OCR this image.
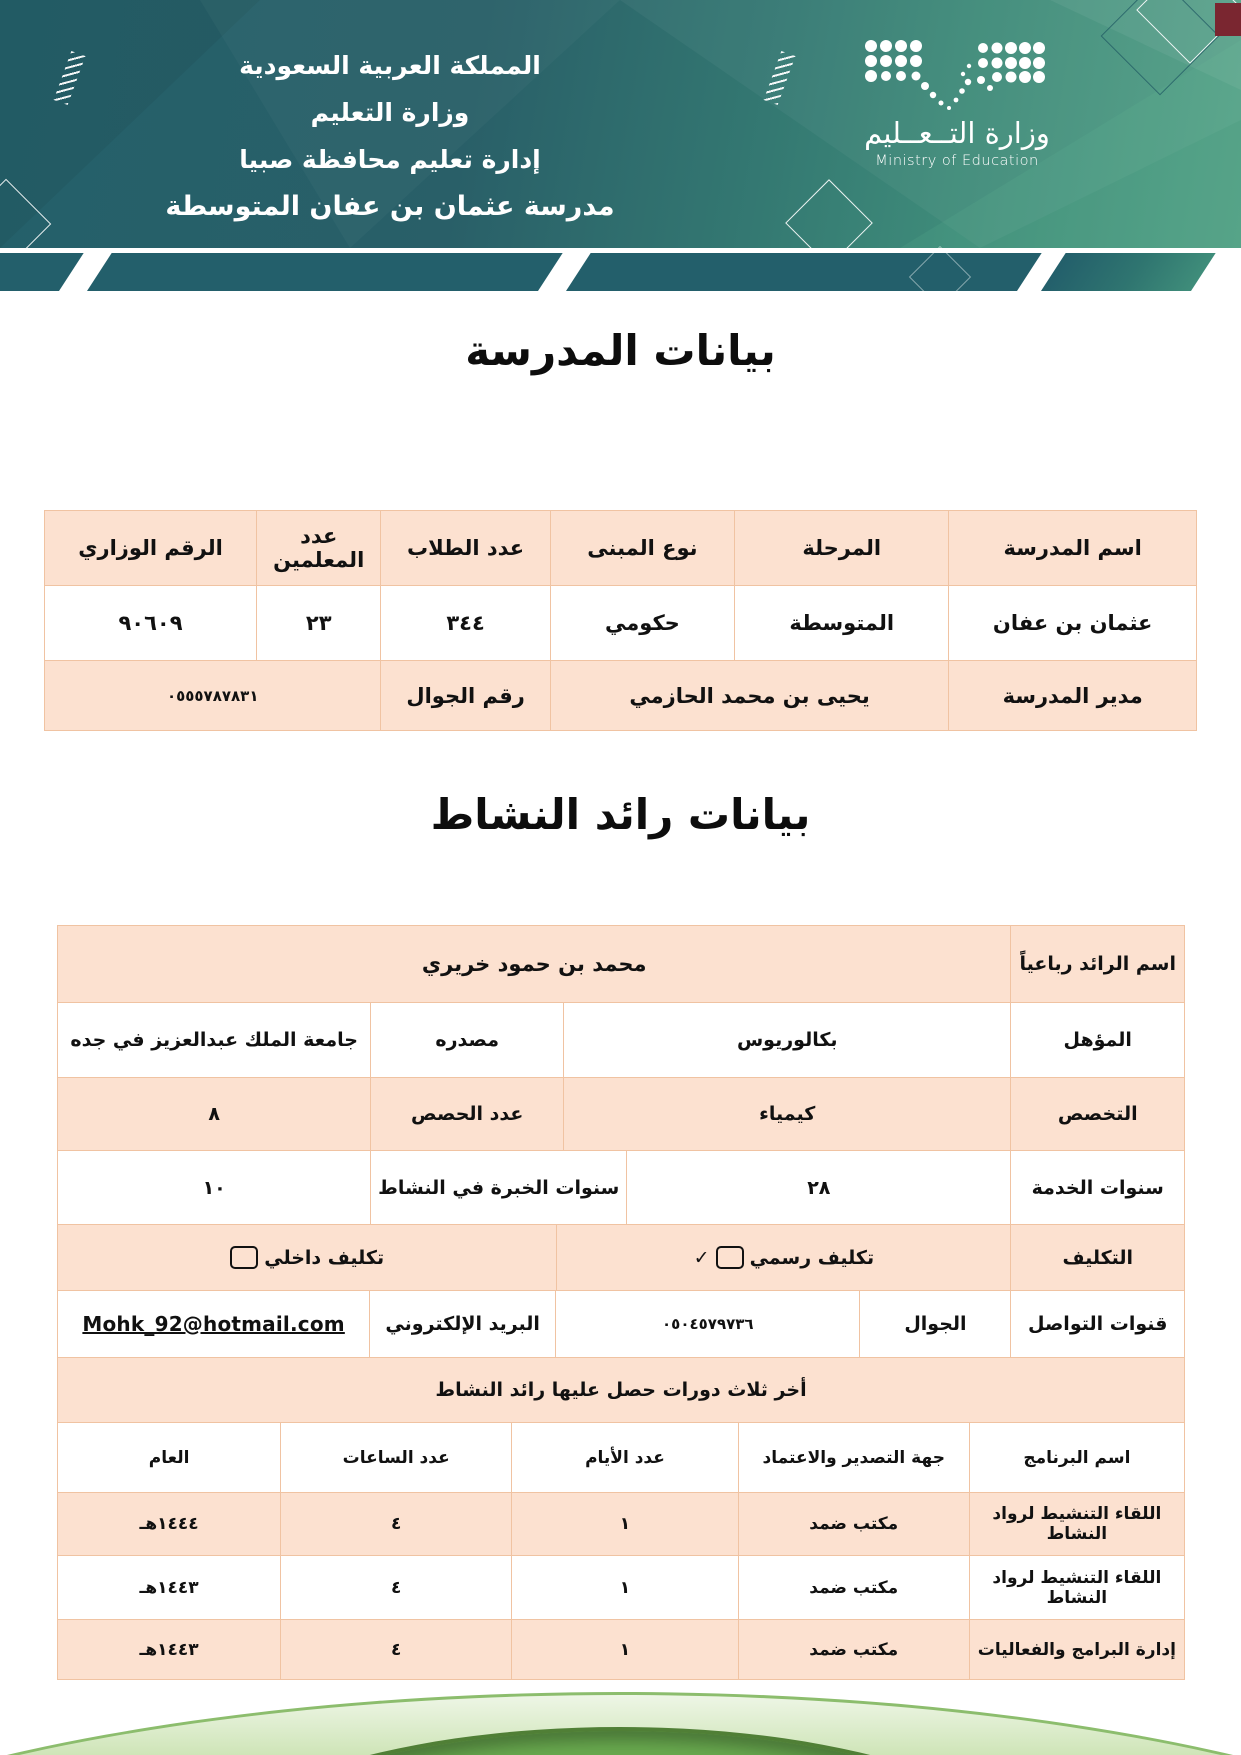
المملكة العربية السعودية
وزارة التعليم
إدارة تعليم محافظة صبيا
مدرسة عثمان بن عفان المتوسطة
وزارة التــعــليم
Ministry of Education
بيانات المدرسة
اسم المدرسة
المرحلة
نوع المبنى
عدد الطلاب
عدد المعلمين
الرقم الوزاري
عثمان بن عفان
المتوسطة
حكومي
٣٤٤
٢٣
٩٠٦٠٩
مدير المدرسة
يحيى بن محمد الحازمي
رقم الجوال
٠٥٥٥٧٨٧٨٣١
بيانات رائد النشاط
اسم الرائد رباعياً
محمد بن حمود خريري
المؤهل
بكالوريوس
مصدره
جامعة الملك عبدالعزيز في جده
التخصص
كيمياء
عدد الحصص
٨
سنوات الخدمة
٢٨
سنوات الخبرة في النشاط
١٠
التكليف
تكليف رسمي
✓
تكليف داخلي
قنوات التواصل
الجوال
٠٥٠٤٥٧٩٧٣٦
البريد الإلكتروني
Mohk_92@hotmail.com
أخر ثلاث دورات حصل عليها رائد النشاط
اسم البرنامج
جهة التصدير والاعتماد
عدد الأيام
عدد الساعات
العام
اللقاء التنشيط لرواد النشاط
مكتب ضمد
١
٤
١٤٤٤هـ
اللقاء التنشيط لرواد النشاط
مكتب ضمد
١
٤
١٤٤٣هـ
إدارة البرامج والفعاليات
مكتب ضمد
١
٤
١٤٤٣هـ
